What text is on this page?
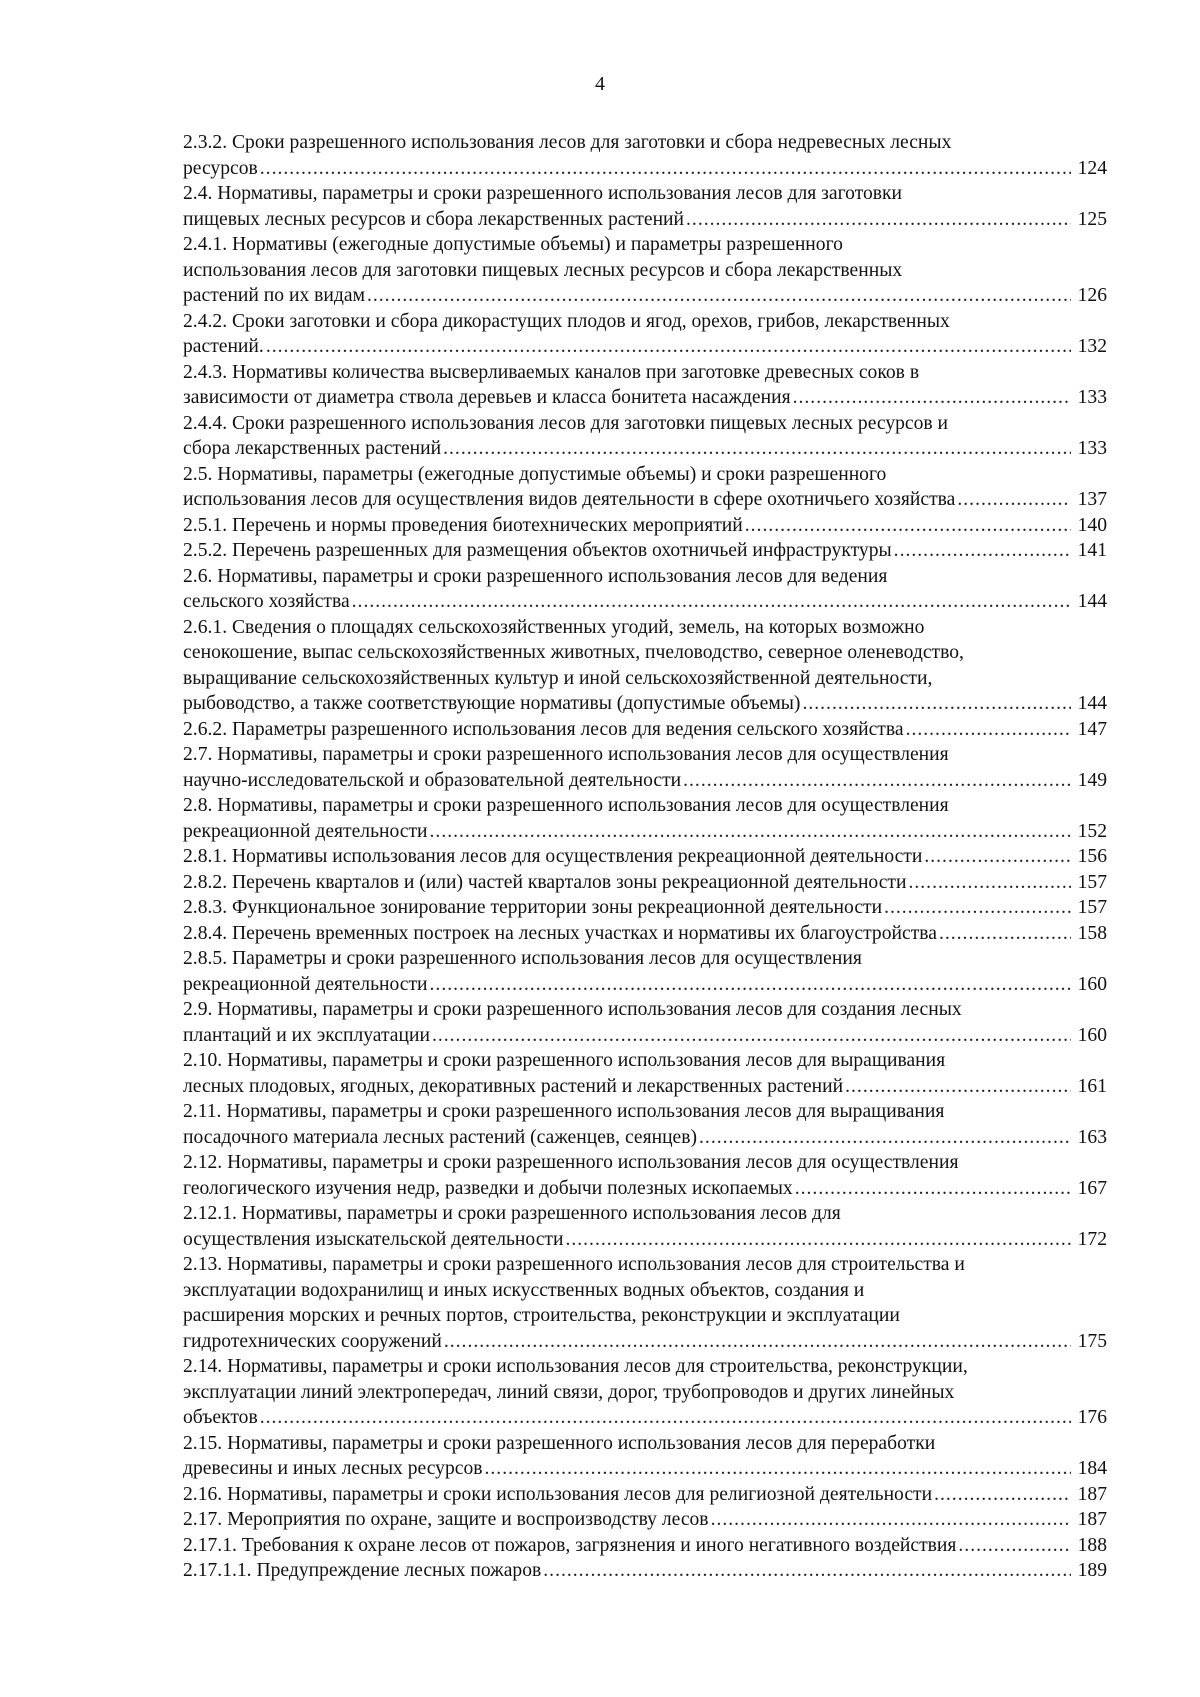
4
2.3.2. Сроки разрешенного использования лесов для заготовки и сбора недревесных лесных
ресурсов .....	124
2.4. Нормативы, параметры и сроки разрешенного использования лесов для заготовки
пищевых лесных ресурсов и сбора лекарственных растений .....	125
2.4.1. Нормативы (ежегодные допустимые объемы) и параметры разрешенного
использования лесов для заготовки пищевых лесных ресурсов и сбора лекарственных
растений по их видам .....	126
2.4.2. Сроки заготовки и сбора дикорастущих плодов и ягод, орехов, грибов, лекарственных
растений. .....	132
2.4.3. Нормативы количества высверливаемых каналов при заготовке древесных соков в
зависимости от диаметра ствола деревьев и класса бонитета насаждения .....	133
2.4.4. Сроки разрешенного использования лесов для заготовки пищевых лесных ресурсов и
сбора лекарственных растений .....	133
2.5. Нормативы, параметры (ежегодные допустимые объемы) и сроки разрешенного
использования лесов для осуществления видов деятельности в сфере охотничьего хозяйства .....	137
2.5.1. Перечень и нормы проведения биотехнических мероприятий .....	140
2.5.2. Перечень разрешенных для размещения объектов охотничьей инфраструктуры .....	141
2.6. Нормативы, параметры и сроки разрешенного использования лесов для ведения
сельского хозяйства .....	144
2.6.1. Сведения о площадях сельскохозяйственных угодий, земель, на которых возможно
сенокошение, выпас сельскохозяйственных животных, пчеловодство, северное оленеводство,
выращивание сельскохозяйственных культур и иной сельскохозяйственной деятельности,
рыбоводство, а также соответствующие нормативы (допустимые объемы) .....	144
2.6.2. Параметры разрешенного использования лесов для ведения сельского хозяйства .....	147
2.7. Нормативы, параметры и сроки разрешенного использования лесов для осуществления
научно-исследовательской и образовательной деятельности .....	149
2.8. Нормативы, параметры и сроки разрешенного использования лесов для осуществления
рекреационной деятельности .....	152
2.8.1. Нормативы использования лесов для осуществления рекреационной деятельности .....	156
2.8.2. Перечень кварталов и (или) частей кварталов зоны рекреационной деятельности .....	157
2.8.3. Функциональное зонирование территории зоны рекреационной деятельности .....	157
2.8.4. Перечень временных построек на лесных участках и нормативы их благоустройства .....	158
2.8.5. Параметры и сроки разрешенного использования лесов для осуществления
рекреационной деятельности .....	160
2.9. Нормативы, параметры и сроки разрешенного использования лесов для создания лесных
плантаций и их эксплуатации .....	160
2.10. Нормативы, параметры и сроки разрешенного использования лесов для выращивания
лесных плодовых, ягодных, декоративных растений и лекарственных растений .....	161
2.11. Нормативы, параметры и сроки разрешенного использования лесов для выращивания
посадочного материала лесных растений (саженцев, сеянцев) .....	163
2.12. Нормативы, параметры и сроки разрешенного использования лесов для осуществления
геологического изучения недр, разведки и добычи полезных ископаемых .....	167
2.12.1. Нормативы, параметры и сроки разрешенного использования лесов для
осуществления изыскательской деятельности .....	172
2.13. Нормативы, параметры и сроки разрешенного использования лесов для строительства и
эксплуатации водохранилищ и иных искусственных водных объектов, создания и
расширения морских и речных портов, строительства, реконструкции и эксплуатации
гидротехнических сооружений .....	175
2.14. Нормативы, параметры и сроки использования лесов для строительства, реконструкции,
эксплуатации линий электропередач, линий связи, дорог, трубопроводов и других линейных
объектов .....	176
2.15. Нормативы, параметры и сроки разрешенного использования лесов для переработки
древесины и иных лесных ресурсов .....	184
2.16. Нормативы, параметры и сроки использования лесов для религиозной деятельности .....	187
2.17. Мероприятия по охране, защите и воспроизводству лесов .....	187
2.17.1. Требования к охране лесов от пожаров, загрязнения и иного негативного воздействия .....	188
2.17.1.1. Предупреждение лесных пожаров .....	189
